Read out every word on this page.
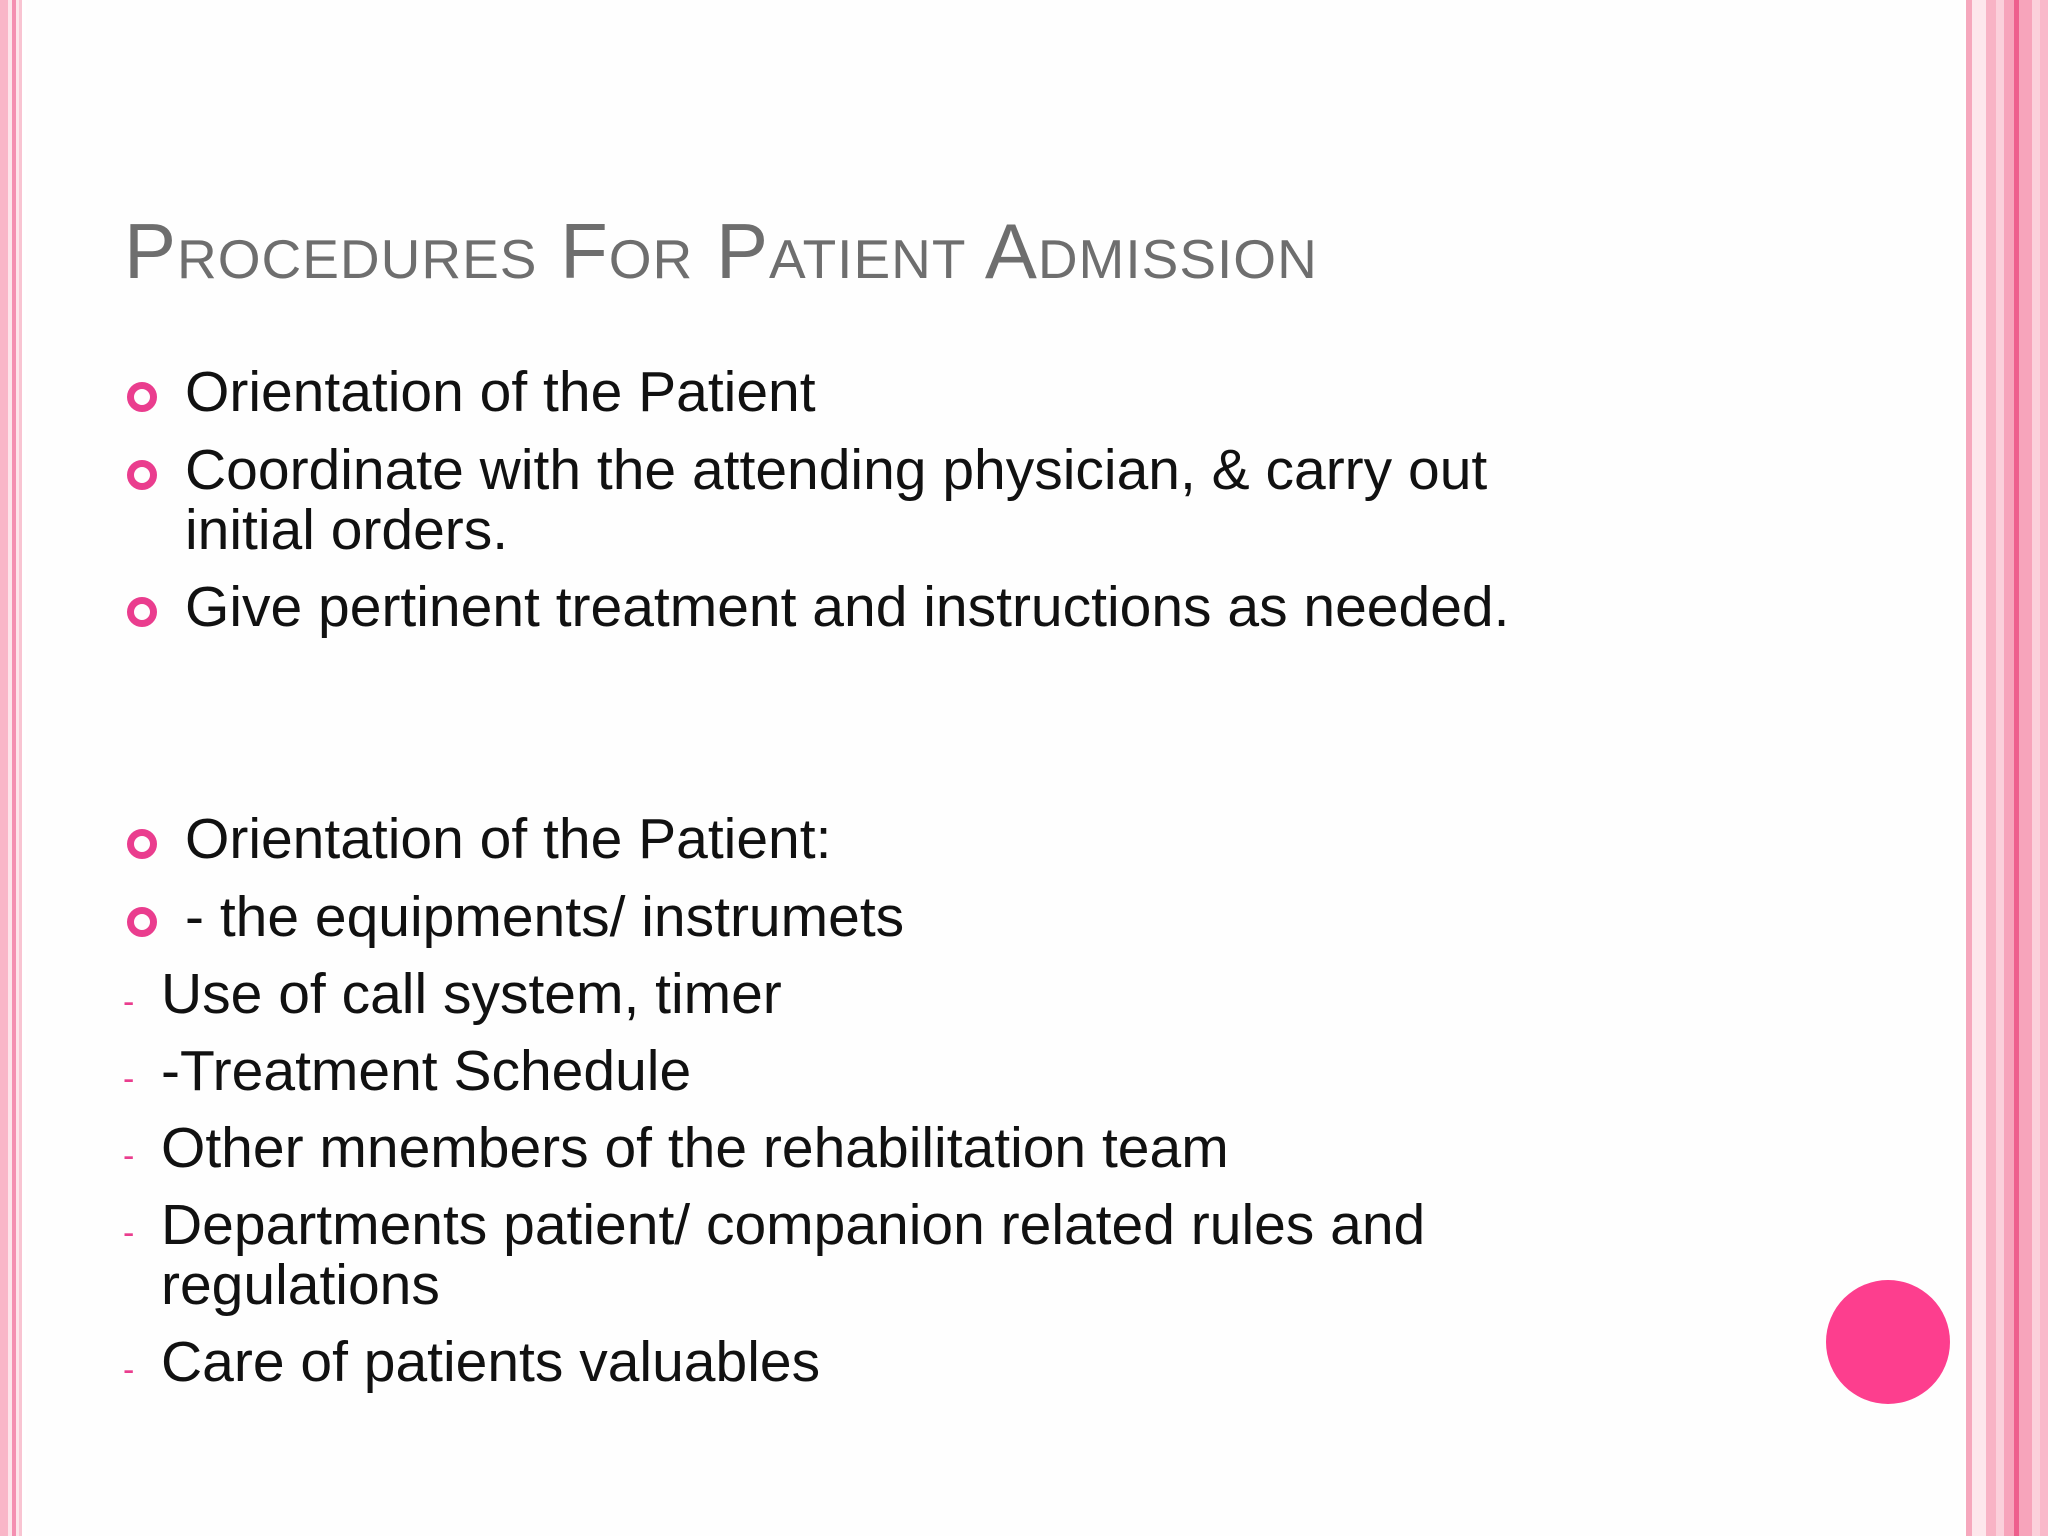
Procedures For Patient Admission
Orientation of the Patient
Coordinate with the attending physician, & carry out
initial orders.
Give pertinent treatment and instructions as needed.
Orientation of the Patient:
- the equipments/ instrumets
- Use of call system, timer
- -Treatment Schedule
- Other mnembers of the rehabilitation team
- Departments patient/ companion related rules and
regulations
- Care of patients valuables
